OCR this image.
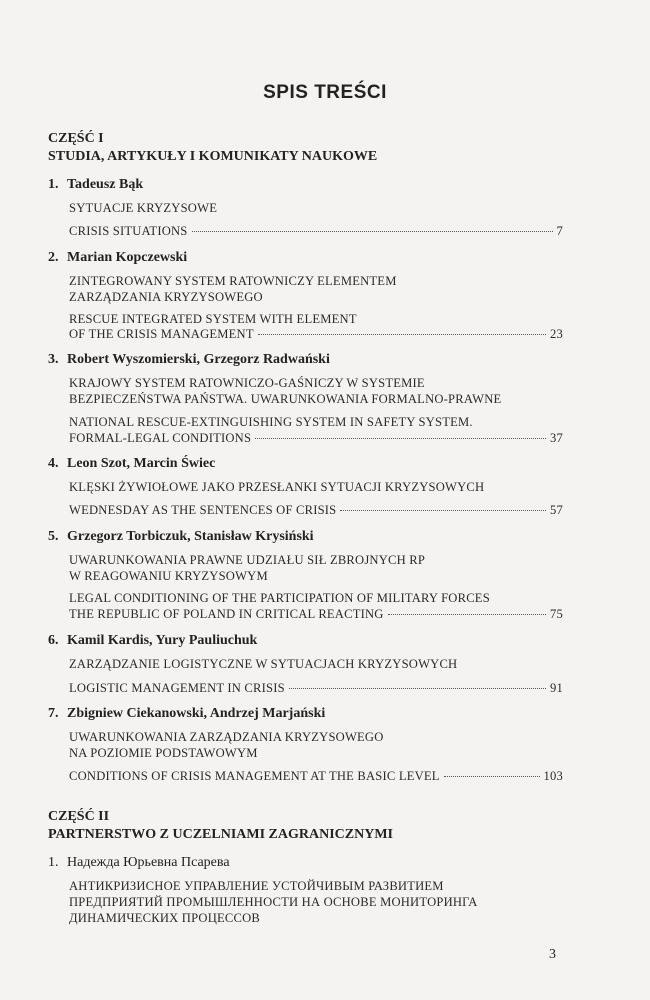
SPIS TREŚCI
CZĘŚĆ I
STUDIA, ARTYKUŁY I KOMUNIKATY NAUKOWE
1. Tadeusz Bąk
SYTUACJE KRYZYSOWE
CRISIS SITUATIONS	7
2. Marian Kopczewski
ZINTEGROWANY SYSTEM RATOWNICZY ELEMENTEM
ZARZĄDZANIA KRYZYSOWEGO
RESCUE INTEGRATED SYSTEM WITH ELEMENT
OF THE CRISIS MANAGEMENT	23
3. Robert Wyszomierski, Grzegorz Radwański
KRAJOWY SYSTEM RATOWNICZO-GAŚNICZY W SYSTEMIE
BEZPIECZEŃSTWA PAŃSTWA. UWARUNKOWANIA FORMALNO-PRAWNE
NATIONAL RESCUE-EXTINGUISHING SYSTEM IN SAFETY SYSTEM.
FORMAL-LEGAL CONDITIONS	37
4. Leon Szot, Marcin Świec
KLĘSKI ŻYWIOŁOWE JAKO PRZESŁANKI SYTUACJI KRYZYSOWYCH
WEDNESDAY AS THE SENTENCES OF CRISIS	57
5. Grzegorz Torbiczuk, Stanisław Krysiński
UWARUNKOWANIA PRAWNE UDZIAŁU SIŁ ZBROJNYCH RP
W REAGOWANIU KRYZYSOWYM
LEGAL CONDITIONING OF THE PARTICIPATION OF MILITARY FORCES
THE REPUBLIC OF POLAND IN CRITICAL REACTING	75
6. Kamil Kardis, Yury Pauliuchuk
ZARZĄDZANIE LOGISTYCZNE W SYTUACJACH KRYZYSOWYCH
LOGISTIC MANAGEMENT IN CRISIS	91
7. Zbigniew Ciekanowski, Andrzej Marjański
UWARUNKOWANIA ZARZĄDZANIA KRYZYSOWEGO
NA POZIOMIE PODSTAWOWYM
CONDITIONS OF CRISIS MANAGEMENT AT THE BASIC LEVEL	103
CZĘŚĆ II
PARTNERSTWO Z UCZELNIAMI ZAGRANICZNYMI
1. Надежда Юрьевна Псарева
АНТИКРИЗИСНОЕ УПРАВЛЕНИЕ УСТОЙЧИВЫМ РАЗВИТИЕМ
ПРЕДПРИЯТИЙ ПРОМЫШЛЕННОСТИ НА ОСНОВЕ МОНИТОРИНГА
ДИНАМИЧЕСКИХ ПРОЦЕССОВ
3
